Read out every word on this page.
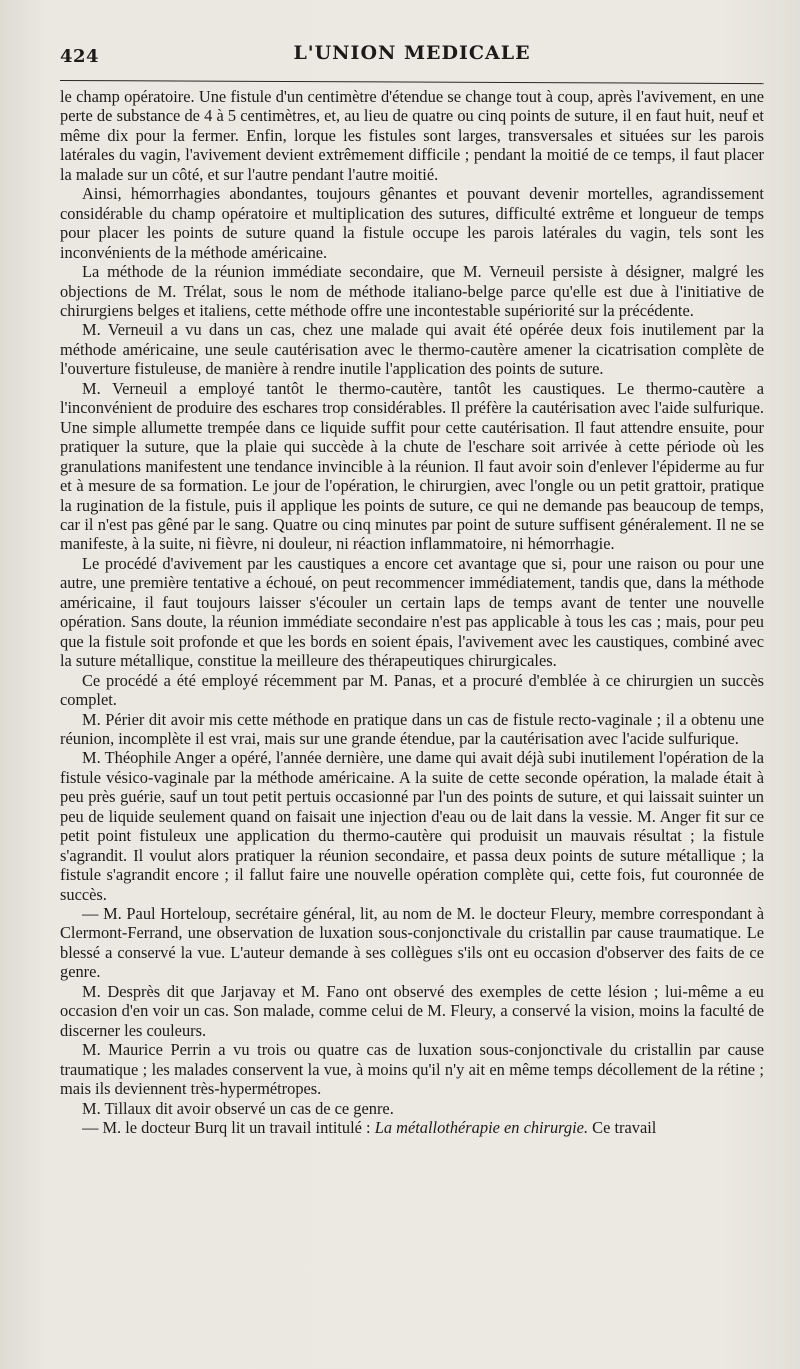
424	L'UNION MEDICALE

le champ opératoire. Une fistule d'un centimètre d'étendue se change tout à coup, après l'avivement, en une perte de substance de 4 à 5 centimètres, et, au lieu de quatre ou cinq points de suture, il en faut huit, neuf et même dix pour la fermer. Enfin, lorque les fistules sont larges, transversales et situées sur les parois latérales du vagin, l'avivement devient extrêmement difficile ; pendant la moitié de ce temps, il faut placer la malade sur un côté, et sur l'autre pendant l'autre moitié.

Ainsi, hémorrhagies abondantes, toujours gênantes et pouvant devenir mortelles, agrandissement considérable du champ opératoire et multiplication des sutures, difficulté extrême et longueur de temps pour placer les points de suture quand la fistule occupe les parois latérales du vagin, tels sont les inconvénients de la méthode américaine.

La méthode de la réunion immédiate secondaire, que M. Verneuil persiste à désigner, malgré les objections de M. Trélat, sous le nom de méthode italiano-belge parce qu'elle est due à l'initiative de chirurgiens belges et italiens, cette méthode offre une incontestable supériorité sur la précédente.

M. Verneuil a vu dans un cas, chez une malade qui avait été opérée deux fois inutilement par la méthode américaine, une seule cautérisation avec le thermo-cautère amener la cicatrisation complète de l'ouverture fistuleuse, de manière à rendre inutile l'application des points de suture.

M. Verneuil a employé tantôt le thermo-cautère, tantôt les caustiques. Le thermo-cautère a l'inconvénient de produire des eschares trop considérables. Il préfère la cautérisation avec l'aide sulfurique. Une simple allumette trempée dans ce liquide suffit pour cette cautérisation. Il faut attendre ensuite, pour pratiquer la suture, que la plaie qui succède à la chute de l'eschare soit arrivée à cette période où les granulations manifestent une tendance invincible à la réunion. Il faut avoir soin d'enlever l'épiderme au fur et à mesure de sa formation. Le jour de l'opération, le chirurgien, avec l'ongle ou un petit grattoir, pratique la rugination de la fistule, puis il applique les points de suture, ce qui ne demande pas beaucoup de temps, car il n'est pas gêné par le sang. Quatre ou cinq minutes par point de suture suffisent généralement. Il ne se manifeste, à la suite, ni fièvre, ni douleur, ni réaction inflammatoire, ni hémorrhagie.

Le procédé d'avivement par les caustiques a encore cet avantage que si, pour une raison ou pour une autre, une première tentative a échoué, on peut recommencer immédiatement, tandis que, dans la méthode américaine, il faut toujours laisser s'écouler un certain laps de temps avant de tenter une nouvelle opération. Sans doute, la réunion immédiate secondaire n'est pas applicable à tous les cas ; mais, pour peu que la fistule soit profonde et que les bords en soient épais, l'avivement avec les caustiques, combiné avec la suture métallique, constitue la meilleure des thérapeutiques chirurgicales.

Ce procédé a été employé récemment par M. Panas, et a procuré d'emblée à ce chirurgien un succès complet.

M. Périer dit avoir mis cette méthode en pratique dans un cas de fistule recto-vaginale ; il a obtenu une réunion, incomplète il est vrai, mais sur une grande étendue, par la cautérisation avec l'acide sulfurique.

M. Théophile Anger a opéré, l'année dernière, une dame qui avait déjà subi inutilement l'opération de la fistule vésico-vaginale par la méthode américaine. A la suite de cette seconde opération, la malade était à peu près guérie, sauf un tout petit pertuis occasionné par l'un des points de suture, et qui laissait suinter un peu de liquide seulement quand on faisait une injection d'eau ou de lait dans la vessie. M. Anger fit sur ce petit point fistuleux une application du thermo-cautère qui produisit un mauvais résultat ; la fistule s'agrandit. Il voulut alors pratiquer la réunion secondaire, et passa deux points de suture métallique ; la fistule s'agrandit encore ; il fallut faire une nouvelle opération complète qui, cette fois, fut couronnée de succès.

— M. Paul Horteloup, secrétaire général, lit, au nom de M. le docteur Fleury, membre correspondant à Clermont-Ferrand, une observation de luxation sous-conjonctivale du cristallin par cause traumatique. Le blessé a conservé la vue. L'auteur demande à ses collègues s'ils ont eu occasion d'observer des faits de ce genre.

M. Desprès dit que Jarjavay et M. Fano ont observé des exemples de cette lésion ; lui-même a eu occasion d'en voir un cas. Son malade, comme celui de M. Fleury, a conservé la vision, moins la faculté de discerner les couleurs.

M. Maurice Perrin a vu trois ou quatre cas de luxation sous-conjonctivale du cristallin par cause traumatique ; les malades conservent la vue, à moins qu'il n'y ait en même temps décollement de la rétine ; mais ils deviennent très-hypermétropes.

M. Tillaux dit avoir observé un cas de ce genre.

— M. le docteur Burq lit un travail intitulé : La métallothérapie en chirurgie. Ce travail
